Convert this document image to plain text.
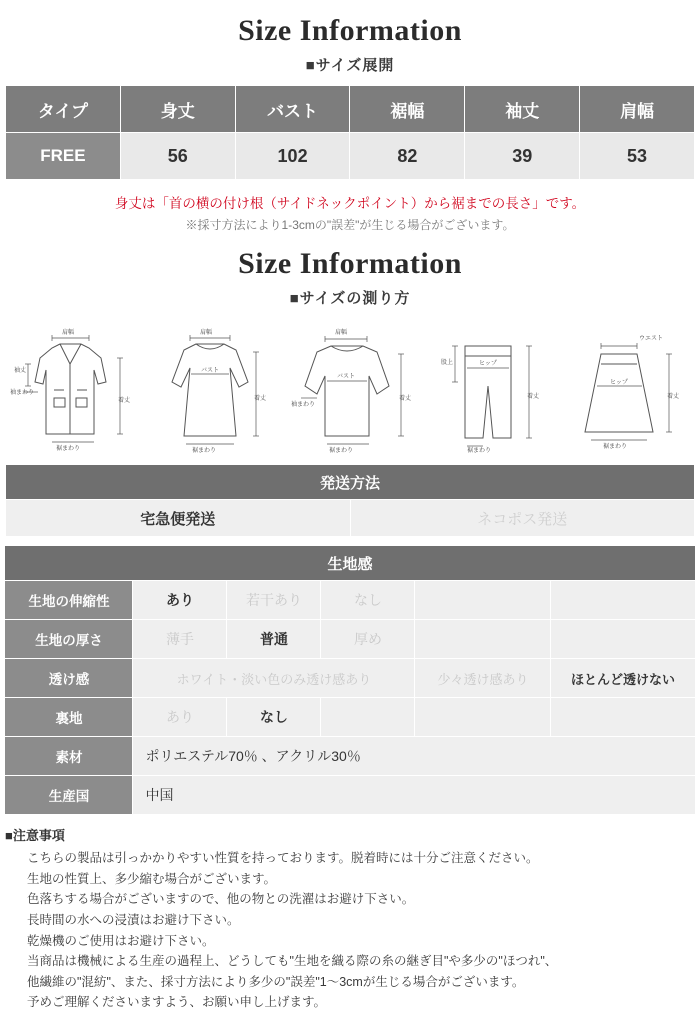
Size Information
■サイズ展開
タイプ	身丈	バスト	裾幅	袖丈	肩幅
FREE	56	102	82	39	53
身丈は「首の横の付け根（サイドネックポイント）から裾までの長さ」です。
※採寸方法により1-3cmの"誤差"が生じる場合がございます。
Size Information
■サイズの測り方
肩幅
袖丈
袖まわり
着丈
裾まわり
肩幅
バスト
着丈
裾まわり
肩幅
バスト
着丈
袖まわり
裾まわり
股上	ヒップ
着丈
裾まわり
ウエスト
ヒップ
着丈
裾まわり
発送方法
宅急便発送	ネコポス発送
生地感					
生地の伸縮性	あり	若干あり	なし		
生地の厚さ	薄手	普通	厚め		
透け感	ホワイト・淡い色のみ透け感あり			少々透け感あり	ほとんど透けない
裏地	あり	なし			
素材	ポリエステル70％ 、アクリル30％				
生産国	中国				
■注意事項
こちらの製品は引っかかりやすい性質を持っております。脱着時には十分ご注意ください。
生地の性質上、多少縮む場合がございます。
色落ちする場合がございますので、他の物との洗濯はお避け下さい。
長時間の水への浸漬はお避け下さい。
乾燥機のご使用はお避け下さい。
当商品は機械による生産の過程上、どうしても"生地を織る際の糸の継ぎ目"や多少の"ほつれ"、
他繊維の"混紡"、また、採寸方法により多少の"誤差"1～3cmが生じる場合がございます。
予めご理解くださいますよう、お願い申し上げます。
